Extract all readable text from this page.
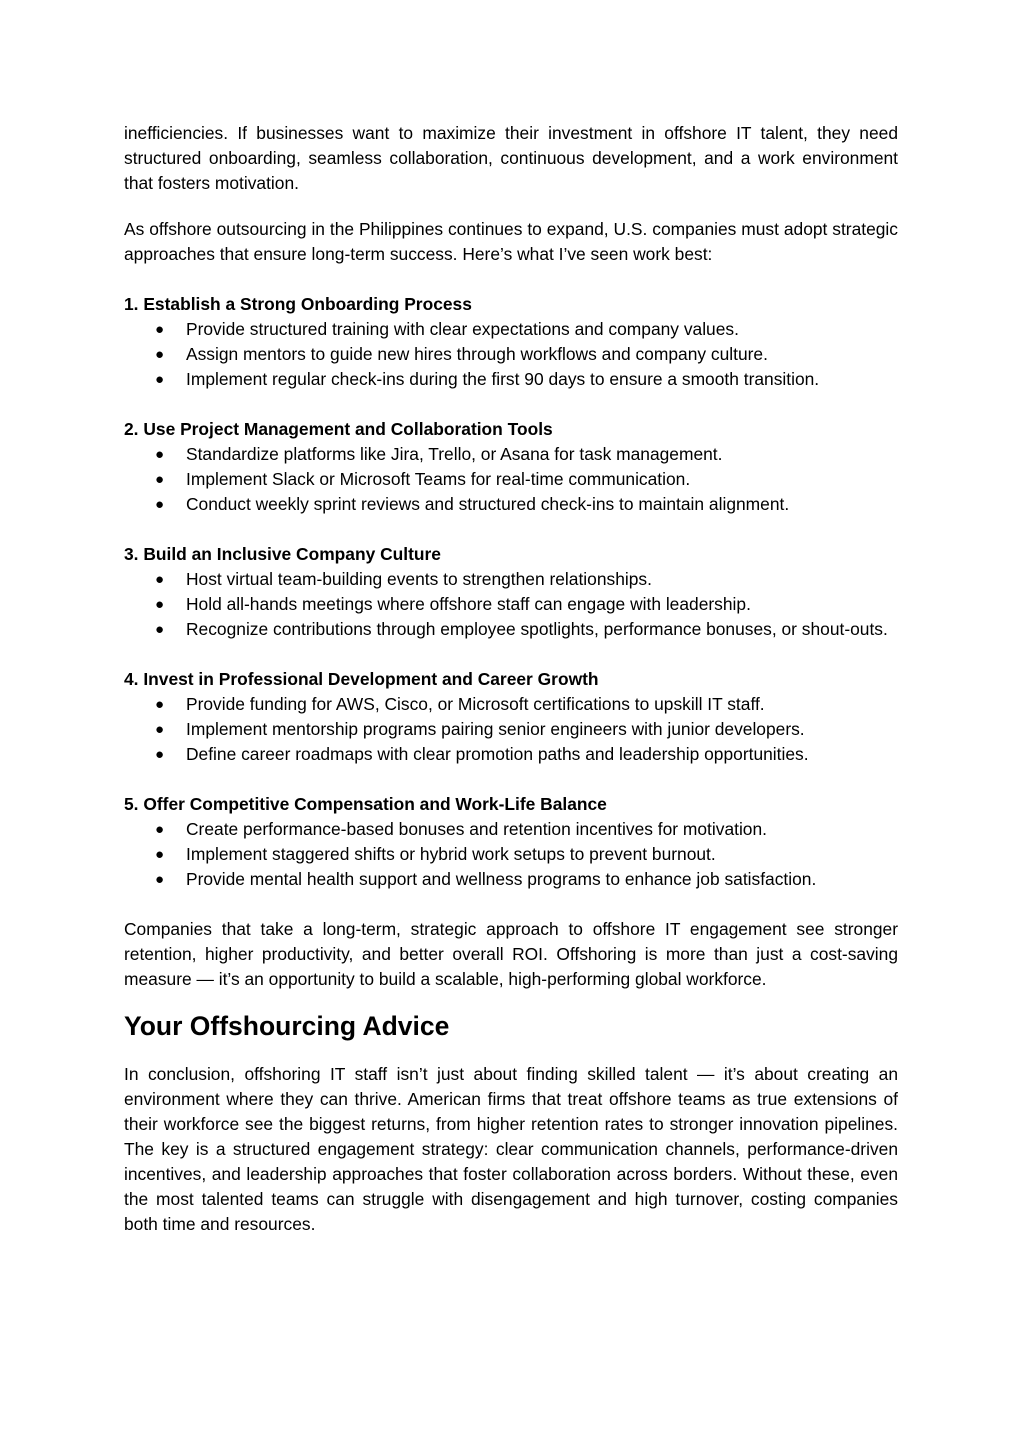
inefficiencies. If businesses want to maximize their investment in offshore IT talent, they need structured onboarding, seamless collaboration, continuous development, and a work environment that fosters motivation.

As offshore outsourcing in the Philippines continues to expand, U.S. companies must adopt strategic approaches that ensure long-term success. Here’s what I’ve seen work best:

1. Establish a Strong Onboarding Process

● Provide structured training with clear expectations and company values.
● Assign mentors to guide new hires through workflows and company culture.
● Implement regular check-ins during the first 90 days to ensure a smooth transition.

2. Use Project Management and Collaboration Tools

● Standardize platforms like Jira, Trello, or Asana for task management.
● Implement Slack or Microsoft Teams for real-time communication.
● Conduct weekly sprint reviews and structured check-ins to maintain alignment.

3. Build an Inclusive Company Culture

● Host virtual team-building events to strengthen relationships.
● Hold all-hands meetings where offshore staff can engage with leadership.
● Recognize contributions through employee spotlights, performance bonuses, or shout-outs.

4. Invest in Professional Development and Career Growth

● Provide funding for AWS, Cisco, or Microsoft certifications to upskill IT staff.
● Implement mentorship programs pairing senior engineers with junior developers.
● Define career roadmaps with clear promotion paths and leadership opportunities.

5. Offer Competitive Compensation and Work-Life Balance

● Create performance-based bonuses and retention incentives for motivation.
● Implement staggered shifts or hybrid work setups to prevent burnout.
● Provide mental health support and wellness programs to enhance job satisfaction.

Companies that take a long-term, strategic approach to offshore IT engagement see stronger retention, higher productivity, and better overall ROI. Offshoring is more than just a cost-saving measure — it’s an opportunity to build a scalable, high-performing global workforce.

Your Offshourcing Advice

In conclusion, offshoring IT staff isn’t just about finding skilled talent — it’s about creating an environment where they can thrive. American firms that treat offshore teams as true extensions of their workforce see the biggest returns, from higher retention rates to stronger innovation pipelines. The key is a structured engagement strategy: clear communication channels, performance-driven incentives, and leadership approaches that foster collaboration across borders. Without these, even the most talented teams can struggle with disengagement and high turnover, costing companies both time and resources.
